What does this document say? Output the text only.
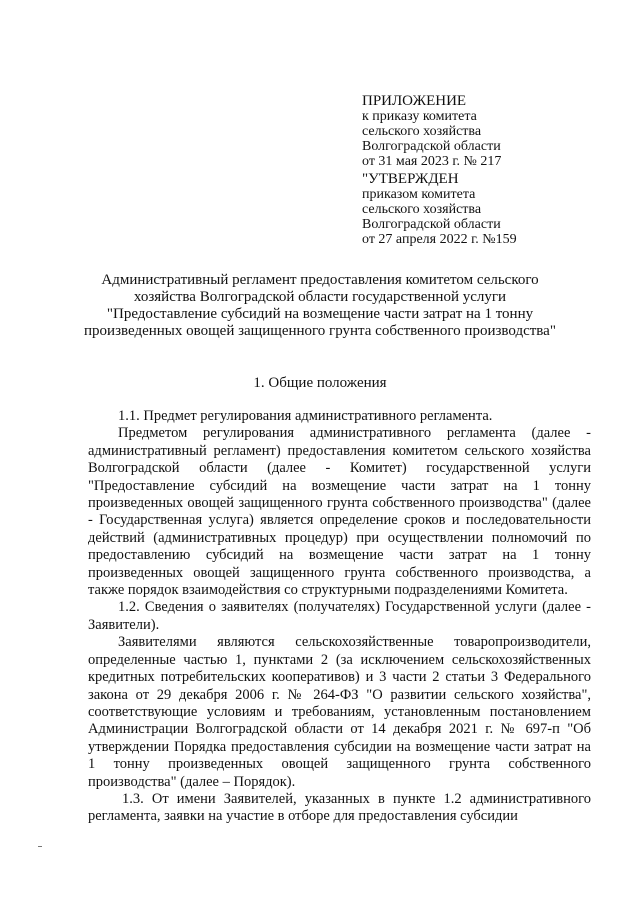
ПРИЛОЖЕНИЕ
к приказу комитета
сельского хозяйства
Волгоградской области
от 31 мая 2023 г. № 217
"УТВЕРЖДЕН
приказом комитета
сельского хозяйства
Волгоградской области
от 27 апреля 2022 г. №159
Административный регламент предоставления комитетом сельского хозяйства Волгоградской области государственной услуги "Предоставление субсидий на возмещение части затрат на 1 тонну произведенных овощей защищенного грунта собственного производства"
1. Общие положения

1.1. Предмет регулирования административного регламента.

Предметом регулирования административного регламента (далее - административный регламент) предоставления комитетом сельского хозяйства Волгоградской области (далее - Комитет) государственной услуги "Предоставление субсидий на возмещение части затрат на 1 тонну произведенных овощей защищенного грунта собственного производства" (далее - Государственная услуга) является определение сроков и последовательности действий (административных процедур) при осуществлении полномочий по предоставлению субсидий на возмещение части затрат на 1 тонну произведенных овощей защищенного грунта собственного производства, а также порядок взаимодействия со структурными подразделениями Комитета.

1.2. Сведения о заявителях (получателях) Государственной услуги (далее - Заявители).

Заявителями являются сельскохозяйственные товаропроизводители, определенные частью 1, пунктами 2 (за исключением сельскохозяйственных кредитных потребительских кооперативов) и 3 части 2 статьи 3 Федерального закона от 29 декабря 2006 г. № 264-ФЗ "О развитии сельского хозяйства", соответствующие условиям и требованиям, установленным постановлением Администрации Волгоградской области от 14 декабря 2021 г. № 697-п "Об утверждении Порядка предоставления субсидии на возмещение части затрат на 1 тонну произведенных овощей защищенного грунта собственного производства" (далее – Порядок).

1.3. От имени Заявителей, указанных в пункте 1.2 административного регламента, заявки на участие в отборе для предоставления субсидии
